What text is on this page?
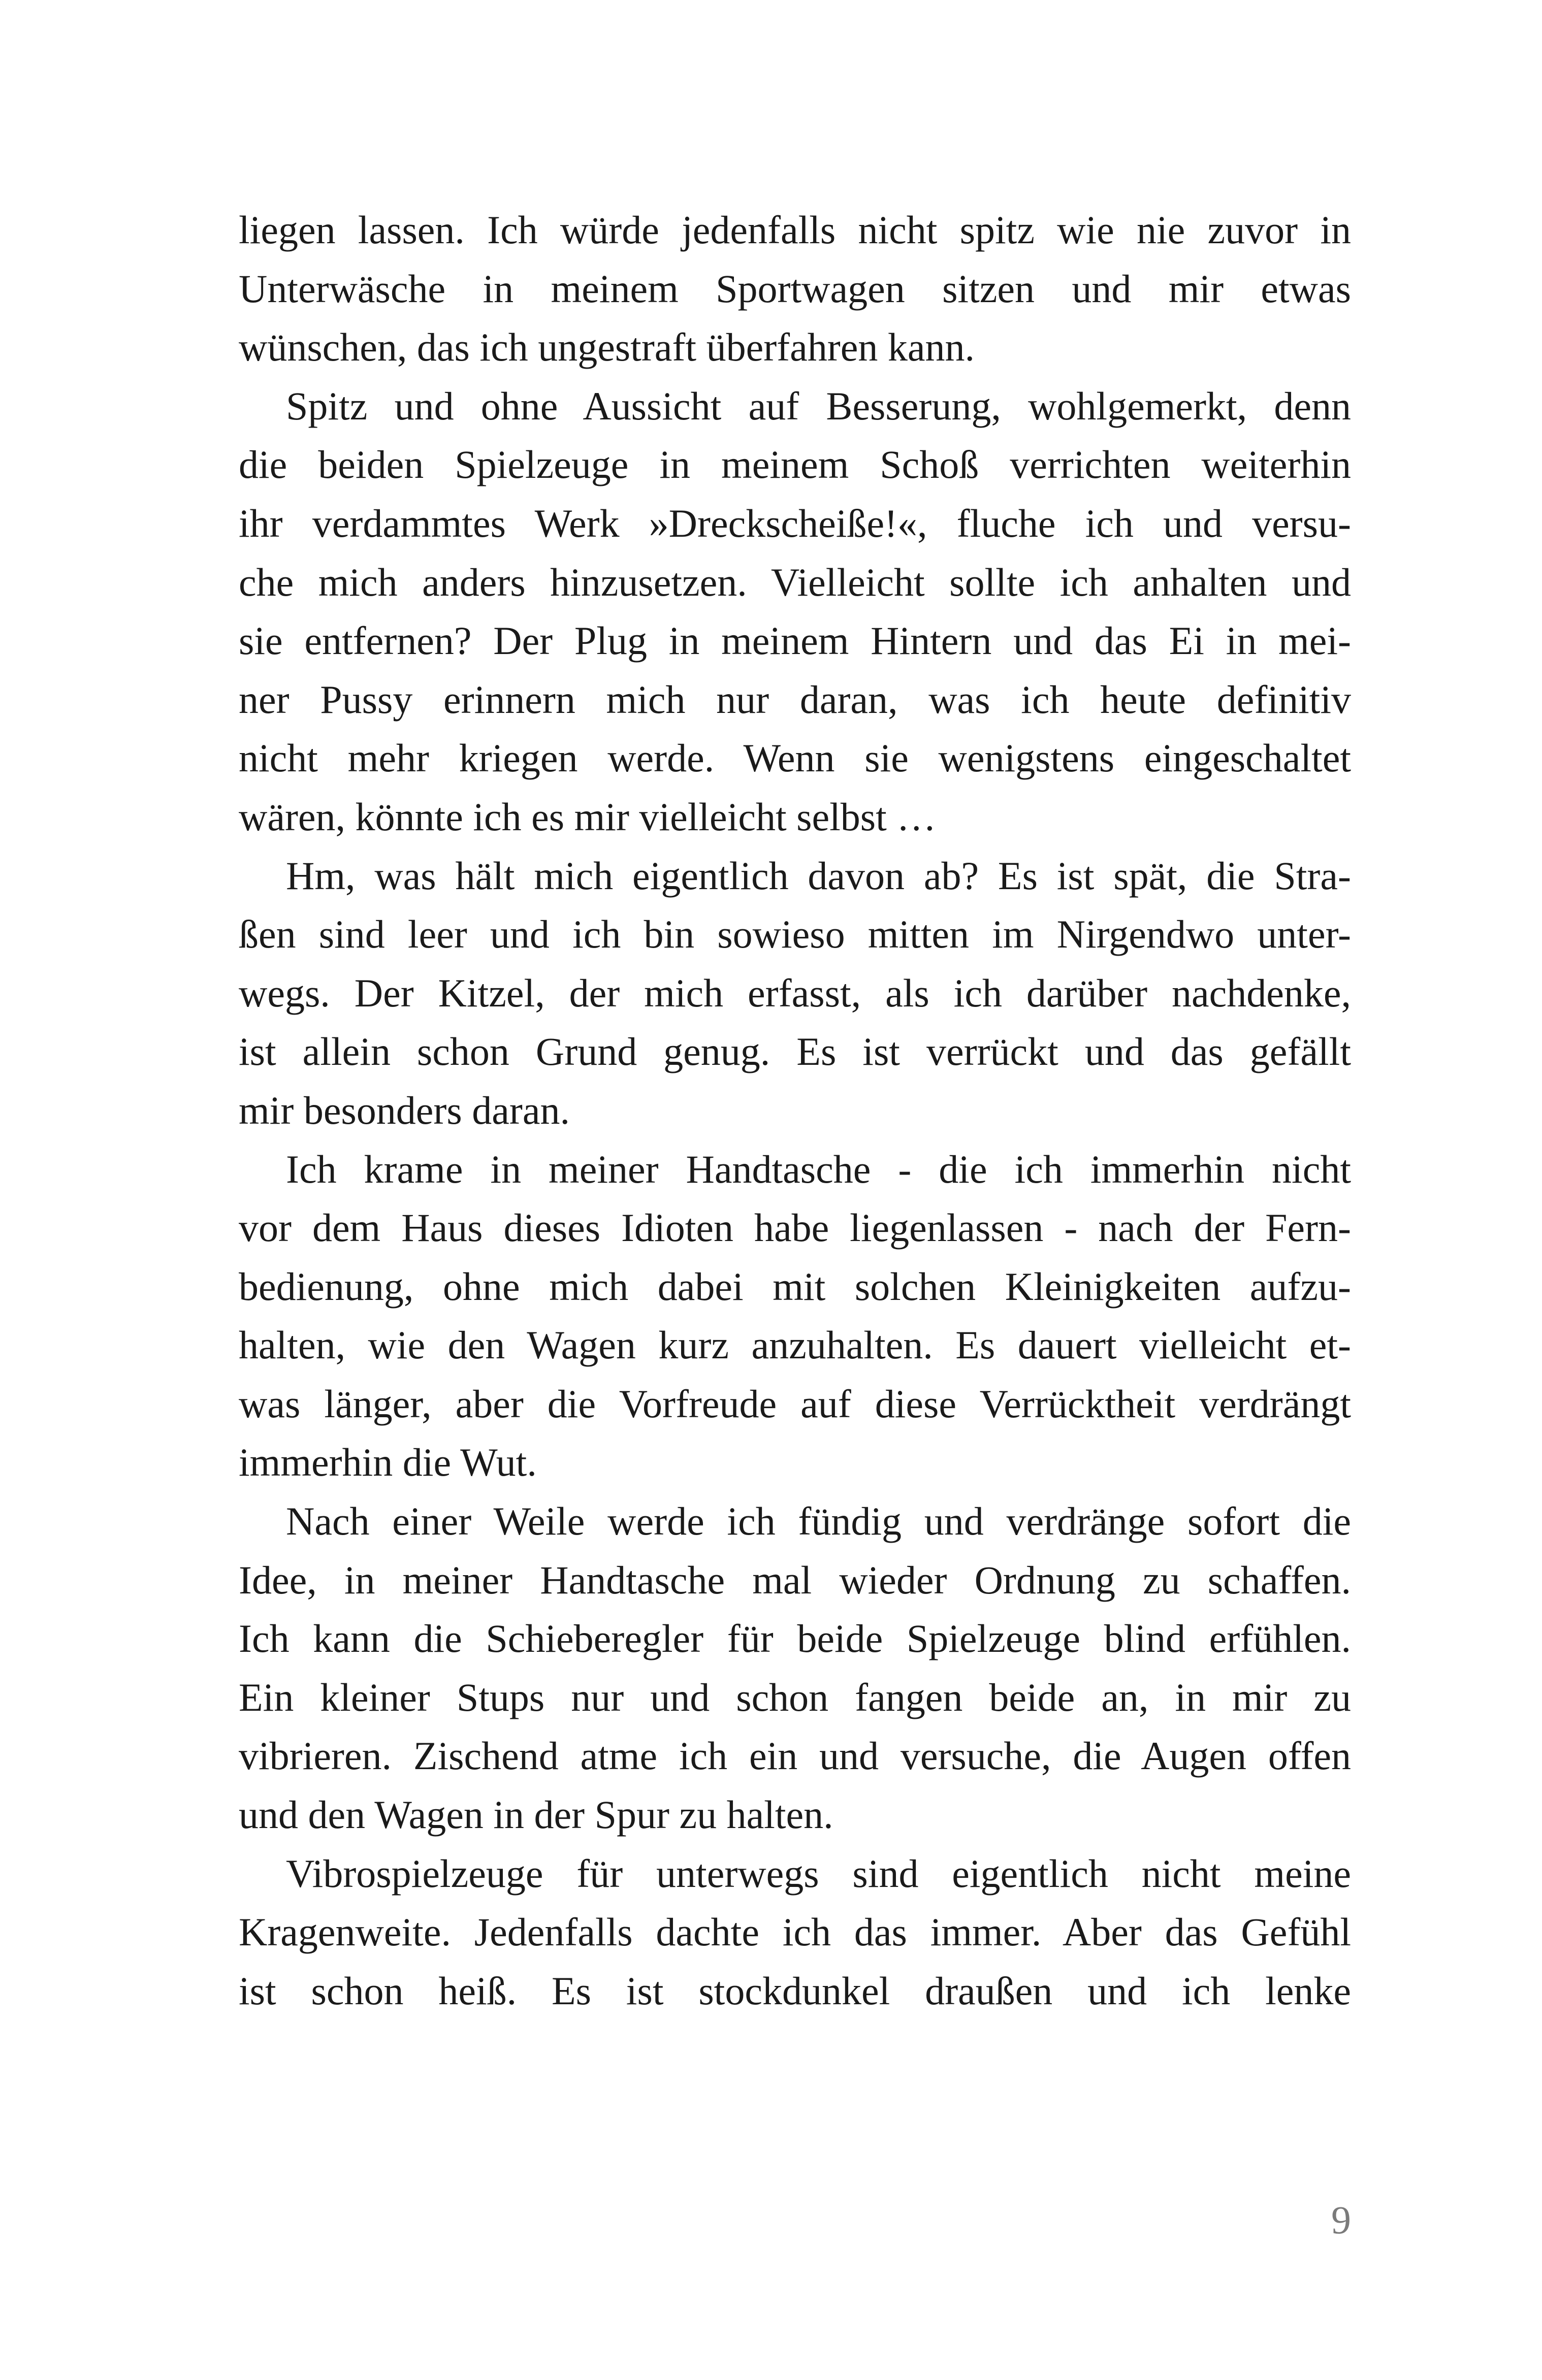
liegen lassen. Ich würde jedenfalls nicht spitz wie nie zuvor in
Unterwäsche in meinem Sportwagen sitzen und mir etwas
wünschen, das ich ungestraft überfahren kann.
Spitz und ohne Aussicht auf Besserung, wohlgemerkt, denn
die beiden Spielzeuge in meinem Schoß verrichten weiterhin
ihr verdammtes Werk »Dreckscheiße!«, fluche ich und versu-
che mich anders hinzusetzen. Vielleicht sollte ich anhalten und
sie entfernen? Der Plug in meinem Hintern und das Ei in mei-
ner Pussy erinnern mich nur daran, was ich heute definitiv
nicht mehr kriegen werde. Wenn sie wenigstens eingeschaltet
wären, könnte ich es mir vielleicht selbst …
Hm, was hält mich eigentlich davon ab? Es ist spät, die Stra-
ßen sind leer und ich bin sowieso mitten im Nirgendwo unter-
wegs. Der Kitzel, der mich erfasst, als ich darüber nachdenke,
ist allein schon Grund genug. Es ist verrückt und das gefällt
mir besonders daran.
Ich krame in meiner Handtasche - die ich immerhin nicht
vor dem Haus dieses Idioten habe liegenlassen - nach der Fern-
bedienung, ohne mich dabei mit solchen Kleinigkeiten aufzu-
halten, wie den Wagen kurz anzuhalten. Es dauert vielleicht et-
was länger, aber die Vorfreude auf diese Verrücktheit verdrängt
immerhin die Wut.
Nach einer Weile werde ich fündig und verdränge sofort die
Idee, in meiner Handtasche mal wieder Ordnung zu schaffen.
Ich kann die Schieberegler für beide Spielzeuge blind erfühlen.
Ein kleiner Stups nur und schon fangen beide an, in mir zu
vibrieren. Zischend atme ich ein und versuche, die Augen offen
und den Wagen in der Spur zu halten.
Vibrospielzeuge für unterwegs sind eigentlich nicht meine
Kragenweite. Jedenfalls dachte ich das immer. Aber das Gefühl
ist schon heiß. Es ist stockdunkel draußen und ich lenke
9
